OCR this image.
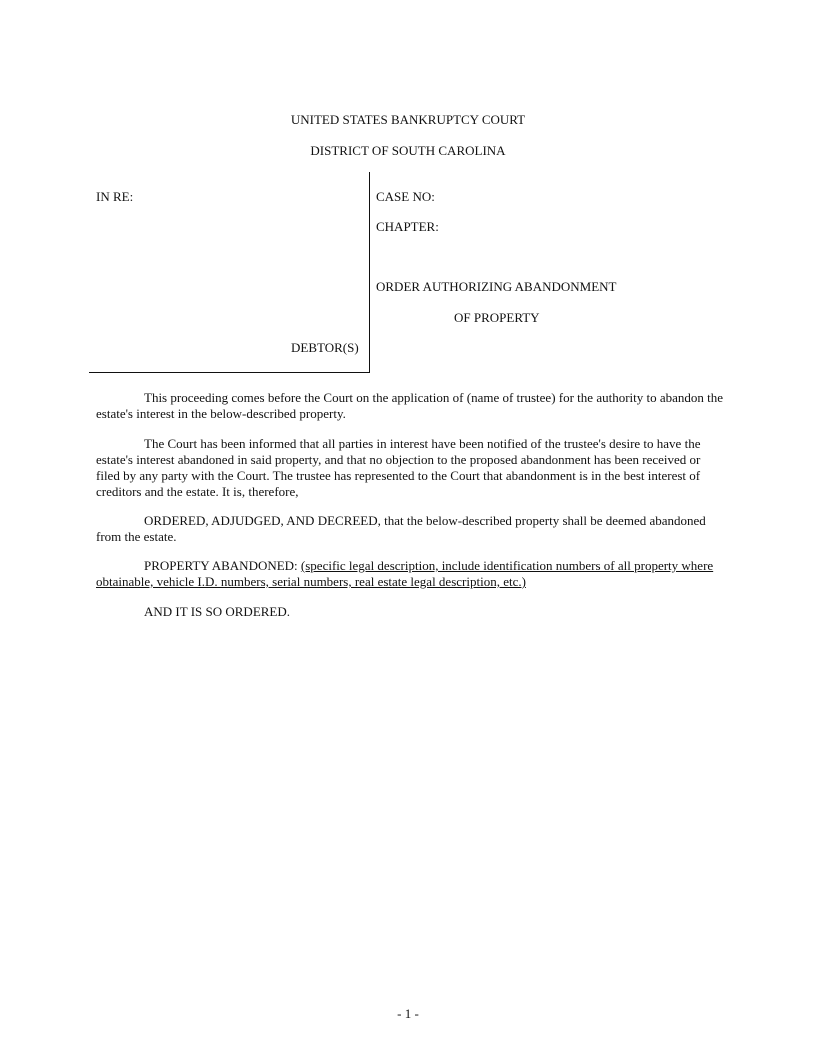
UNITED STATES BANKRUPTCY COURT
DISTRICT OF SOUTH CAROLINA
IN RE:
DEBTOR(S)
CASE NO:
CHAPTER:
ORDER AUTHORIZING ABANDONMENT
OF PROPERTY
This proceeding comes before the Court on the application of (name of trustee) for the authority to abandon the estate's interest in the below-described property.
The Court has been informed that all parties in interest have been notified of the trustee's desire to have the estate's interest abandoned in said property, and that no objection to the proposed abandonment has been received or filed by any party with the Court. The trustee has represented to the Court that abandonment is in the best interest of creditors and the estate. It is, therefore,
ORDERED, ADJUDGED, AND DECREED, that the below-described property shall be deemed abandoned from the estate.
PROPERTY ABANDONED: (specific legal description, include identification numbers of all property where obtainable, vehicle I.D. numbers, serial numbers, real estate legal description, etc.)
AND IT IS SO ORDERED.
- 1 -
